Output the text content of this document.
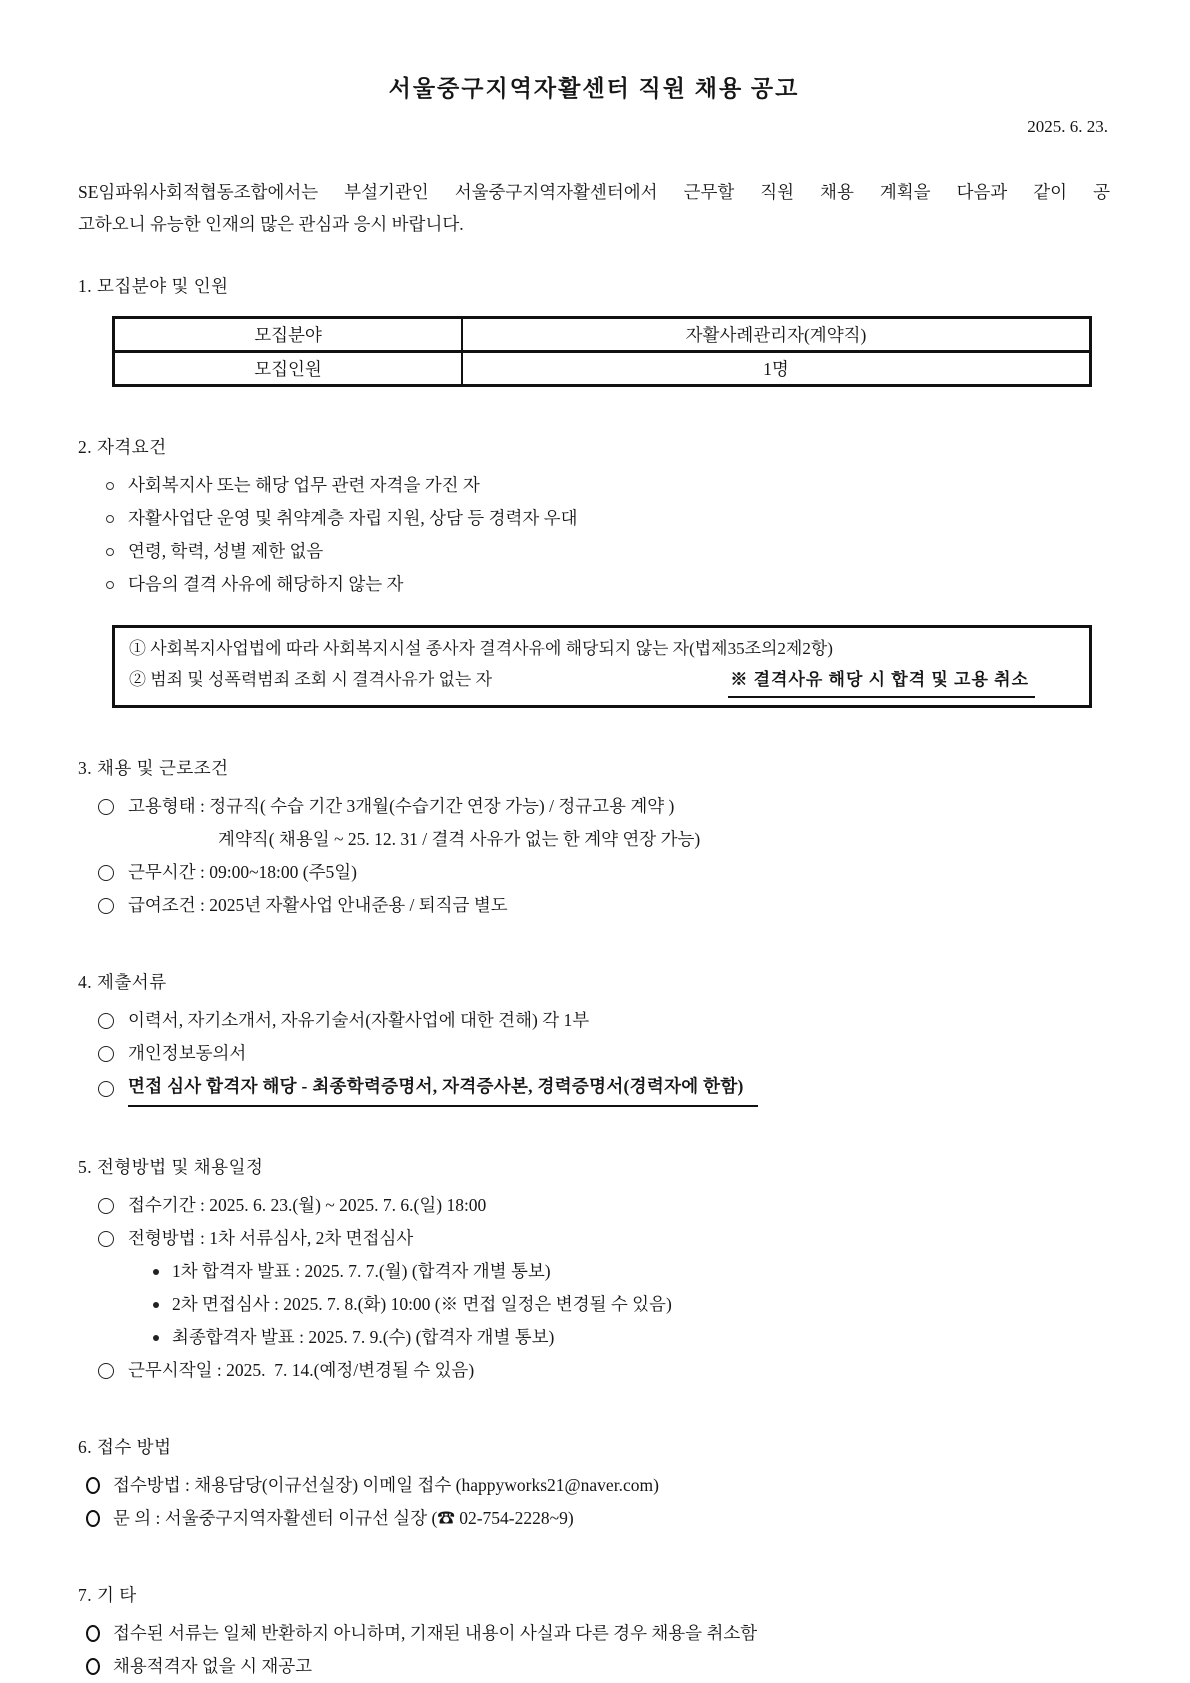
서울중구지역자활센터 직원 채용 공고
2025. 6. 23.
SE임파워사회적협동조합에서는 부설기관인 서울중구지역자활센터에서 근무할 직원 채용 계획을 다음과 같이 공
고하오니 유능한 인재의 많은 관심과 응시 바랍니다.
1. 모집분야 및 인원
모집분야	자활사례관리자(계약직)
모집인원	1명
2. 자격요건
사회복지사 또는 해당 업무 관련 자격을 가진 자
자활사업단 운영 및 취약계층 자립 지원, 상담 등 경력자 우대
연령, 학력, 성별 제한 없음
다음의 결격 사유에 해당하지 않는 자
① 사회복지사업법에 따라 사회복지시설 종사자 결격사유에 해당되지 않는 자(법제35조의2제2항)
② 범죄 및 성폭력범죄 조회 시 결격사유가 없는 자	※ 결격사유 해당 시 합격 및 고용 취소
3. 채용 및 근로조건
고용형태 : 정규직( 수습 기간 3개월(수습기간 연장 가능) / 정규고용 계약 )
계약직( 채용일 ~ 25. 12. 31 / 결격 사유가 없는 한 계약 연장 가능)
근무시간 : 09:00~18:00 (주5일)
급여조건 : 2025년 자활사업 안내준용 / 퇴직금 별도
4. 제출서류
이력서, 자기소개서, 자유기술서(자활사업에 대한 견해) 각 1부
개인정보동의서
면접 심사 합격자 해당 - 최종학력증명서, 자격증사본, 경력증명서(경력자에 한함)
5. 전형방법 및 채용일정
접수기간 : 2025. 6. 23.(월) ~ 2025. 7. 6.(일) 18:00
전형방법 : 1차 서류심사, 2차 면접심사
1차 합격자 발표 : 2025. 7. 7.(월) (합격자 개별 통보)
2차 면접심사 : 2025. 7. 8.(화) 10:00 (※ 면접 일정은 변경될 수 있음)
최종합격자 발표 : 2025. 7. 9.(수) (합격자 개별 통보)
근무시작일 : 2025.  7. 14.(예정/변경될 수 있음)
6. 접수 방법
접수방법 : 채용담당(이규선실장) 이메일 접수 (happyworks21@naver.com)
문 의 : 서울중구지역자활센터 이규선 실장 (☎ 02-754-2228~9)
7. 기 타
접수된 서류는 일체 반환하지 아니하며, 기재된 내용이 사실과 다른 경우 채용을 취소함
채용적격자 없을 시 재공고
